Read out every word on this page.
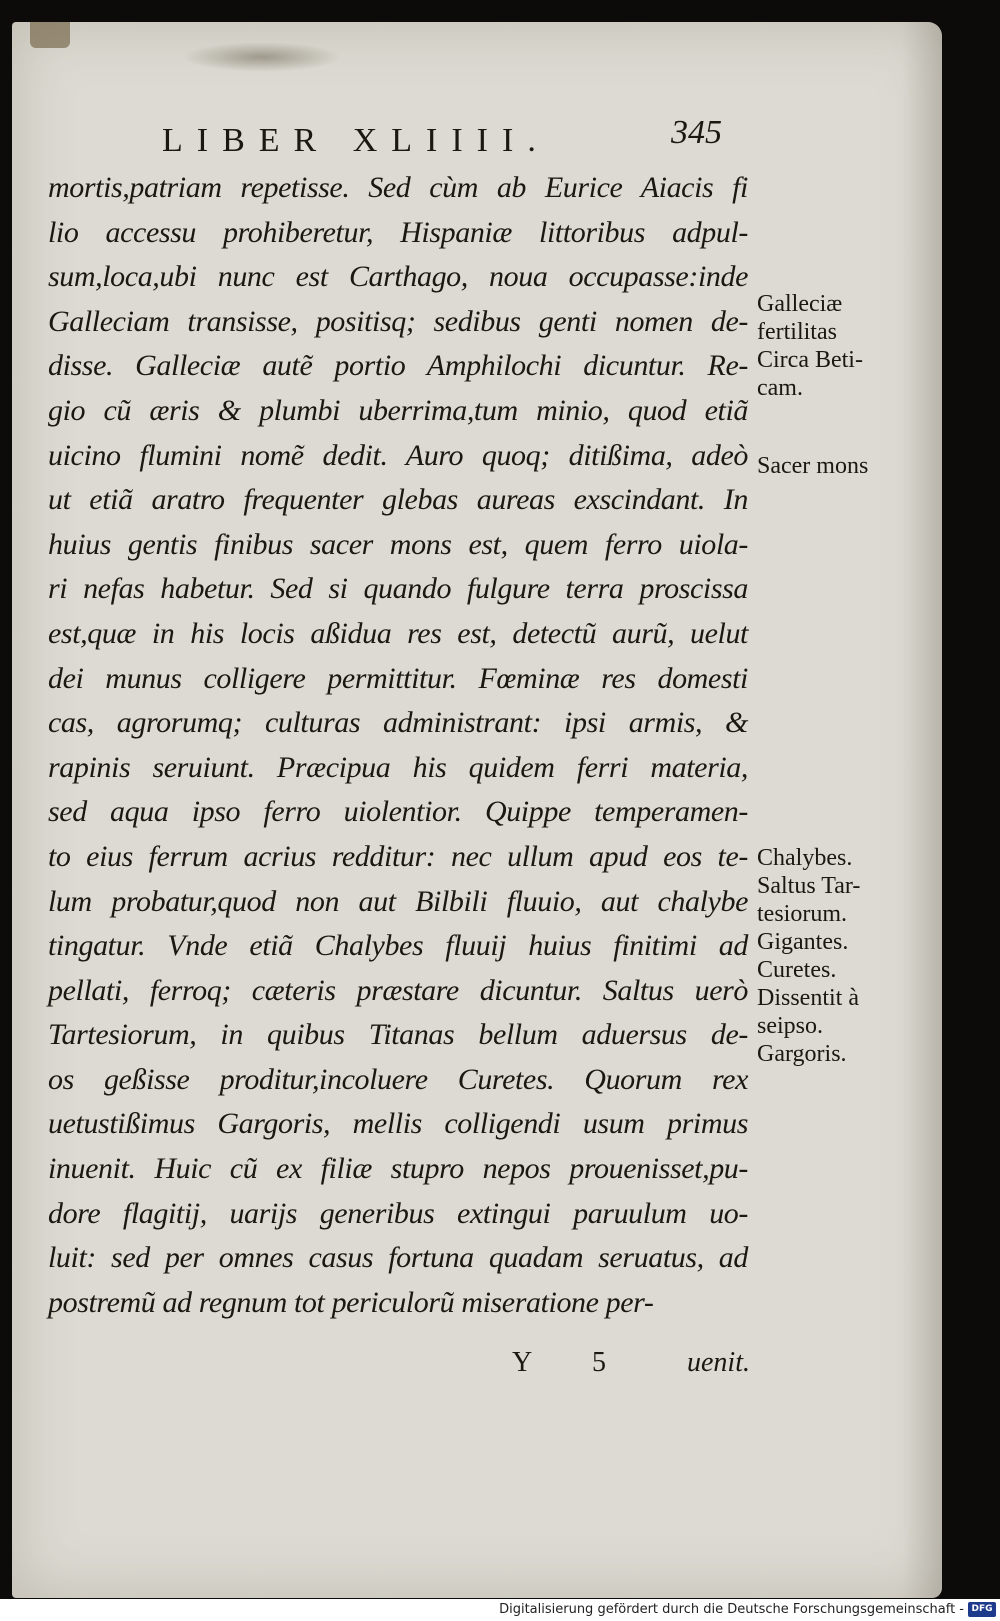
LIBER XLIIII.	345
mortis,patriam repetisse. Sed cùm ab Eurice Aiacis fi
lio accessu prohiberetur, Hispaniæ littoribus adpul-
sum,loca,ubi nunc est Carthago, noua occupasse:inde
Galleciam transisse, positisq; sedibus genti nomen de-
disse. Galleciæ autẽ portio Amphilochi dicuntur. Re-
gio cũ æris & plumbi uberrima,tum minio, quod etiã
uicino flumini nomẽ dedit. Auro quoq; ditißima, adeò
ut etiã aratro frequenter glebas aureas exscindant. In
huius gentis finibus sacer mons est, quem ferro uiola-
ri nefas habetur. Sed si quando fulgure terra proscissa
est,quæ in his locis aßidua res est, detectũ aurũ, uelut
dei munus colligere permittitur. Fœminæ res domesti
cas, agrorumq; culturas administrant: ipsi armis, &
rapinis seruiunt. Præcipua his quidem ferri materia,
sed aqua ipso ferro uiolentior. Quippe temperamen-
to eius ferrum acrius redditur: nec ullum apud eos te-
lum probatur,quod non aut Bilbili fluuio, aut chalybe
tingatur. Vnde etiã Chalybes fluuij huius finitimi ad
pellati, ferroq; cæteris præstare dicuntur. Saltus uerò
Tartesiorum, in quibus Titanas bellum aduersus de-
os geßisse proditur,incoluere Curetes. Quorum rex
uetustißimus Gargoris, mellis colligendi usum primus
inuenit. Huic cũ ex filiæ stupro nepos prouenisset,pu-
dore flagitij, uarijs generibus extingui paruulum uo-
luit: sed per omnes casus fortuna quadam seruatus, ad
postremũ ad regnum tot periculorũ miseratione per-
Y 5	uenit.
Galleciæ
fertilitas
Circa Beti-
cam.
Sacer mons
Chalybes.
Saltus Tar-
tesiorum.
Gigantes.
Curetes.
Dissentit à
seipso.
Gargoris.
Digitalisierung gefördert durch die Deutsche Forschungsgemeinschaft - DFG
